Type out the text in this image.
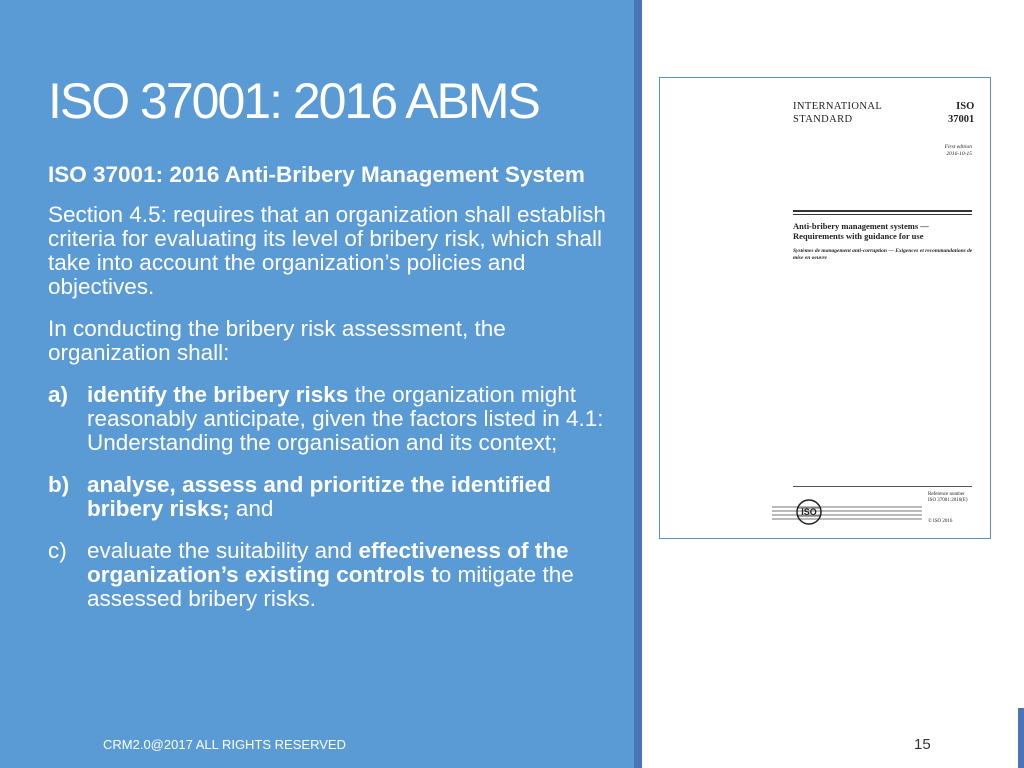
ISO 37001: 2016 ABMS

ISO 37001: 2016 Anti-Bribery Management System

Section 4.5: requires that an organization shall establish criteria for evaluating its level of bribery risk, which shall take into account the organization’s policies and objectives.

In conducting the bribery risk assessment, the organization shall:

a) identify the bribery risks the organization might reasonably anticipate, given the factors listed in 4.1: Understanding the organisation and its context;
b) analyse, assess and prioritize the identified bribery risks; and
c) evaluate the suitability and effectiveness of the organization’s existing controls to mitigate the assessed bribery risks.
CRM2.0@2017 ALL RIGHTS RESERVED	15
INTERNATIONAL
STANDARD
ISO
37001
First edition
2016-10-15
Anti-bribery management systems — Requirements with guidance for use
Systèmes de management anti-corruption — Exigences et recommandations de mise en oeuvre
ISO
Reference number
ISO 37001:2016(E)
© ISO 2016
